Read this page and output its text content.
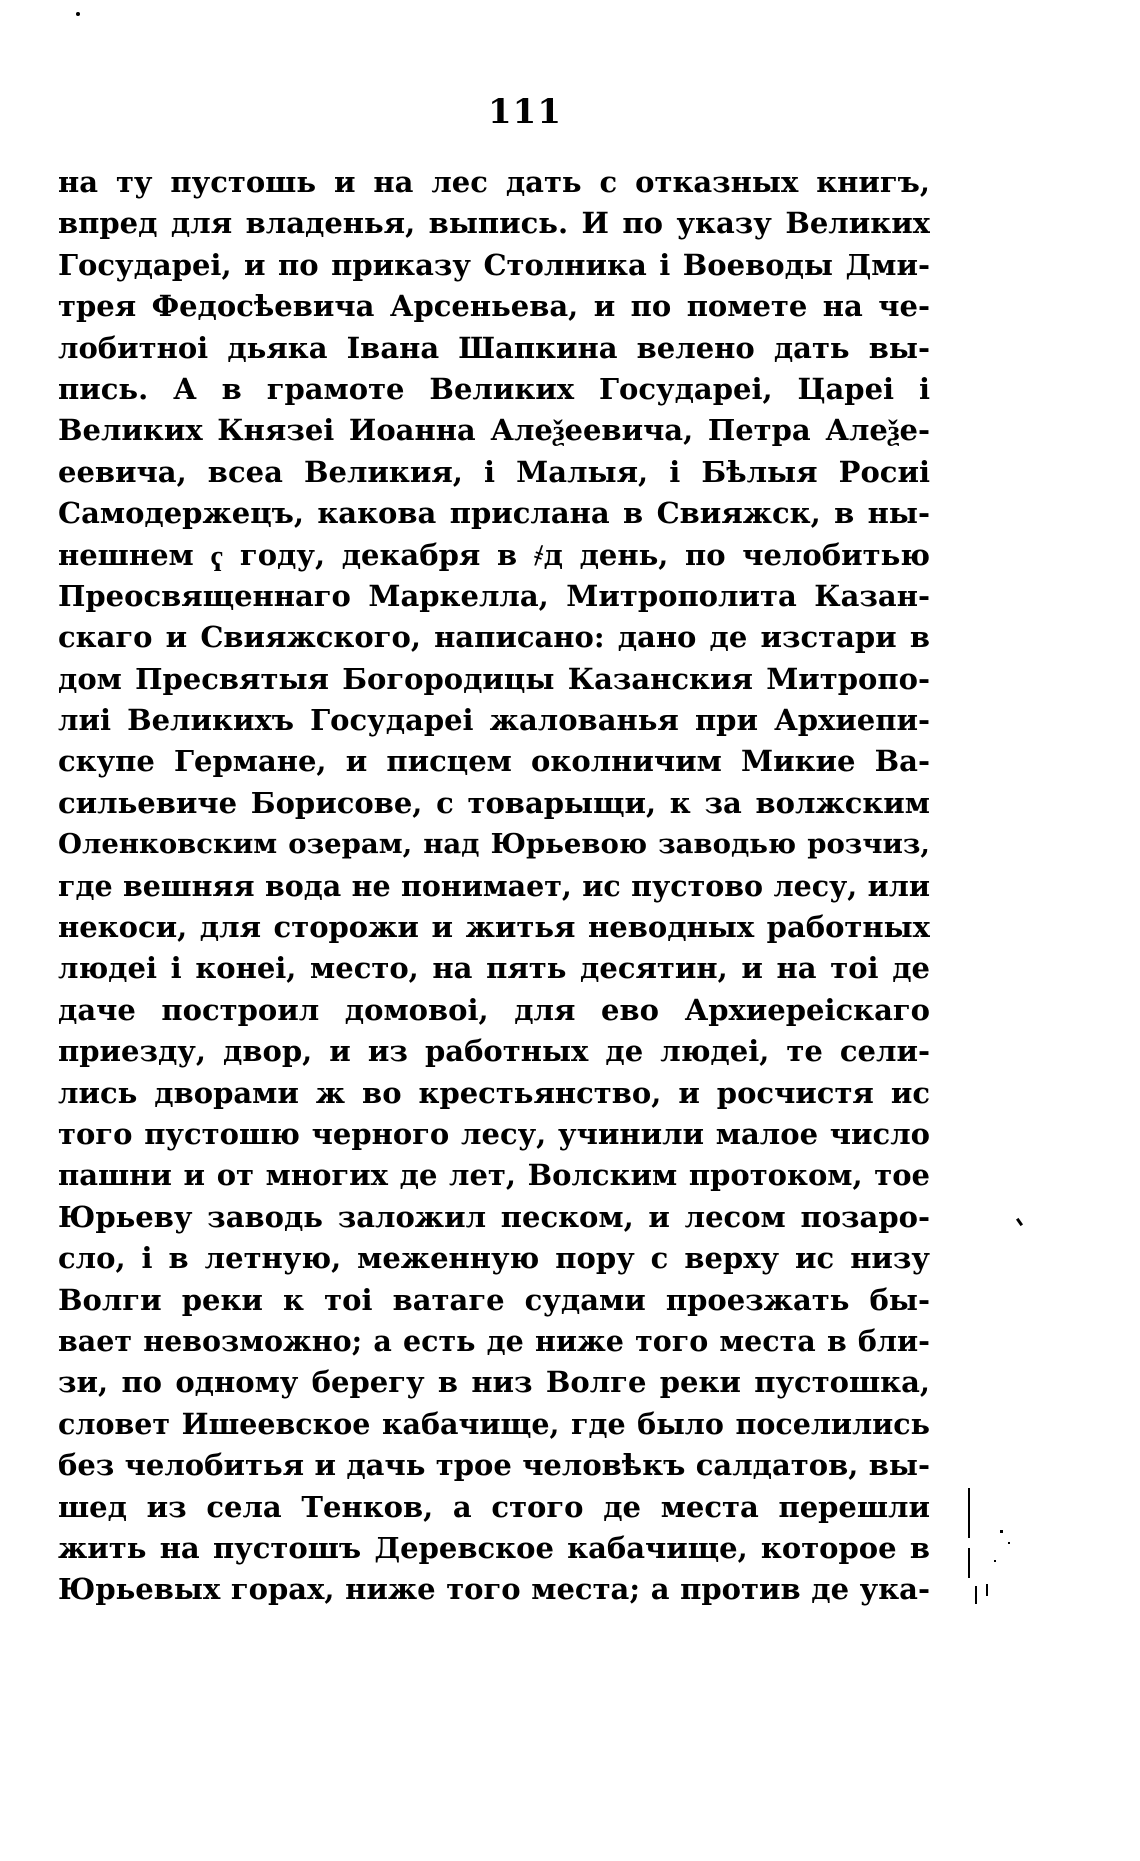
111
на ту пустошь и на лес дать с отказных книгъ,
впред для владенья, выпись. И по указу Великих
Государеі, и по приказу Столника і Воеводы Дми-
трея Федосѣевича Арсеньева, и по помете на че-
лобитноі дьяка Івана Шапкина велено дать вы-
пись. А в грамоте Великих Государеі, Цареі і
Великих Князеі Иоанна Алеѯеевича, Петра Алеѯе-
еевича, всеа Великия, і Малыя, і Бѣлыя Росиі
Самодержецъ, какова прислана в Свияжск, в ны-
нешнем ҁ году, декабря в ҂д день, по челобитью
Преосвященнаго Маркелла, Митрополита Казан-
скаго и Свияжского, написано: дано де изстари в
дом Пресвятыя Богородицы Казанския Митропо-
лиі Великихъ Государеі жалованья при Архиепи-
скупе Германе, и писцем околничим Микие Ва-
сильевиче Борисове, с товарыщи, к за волжским
Оленковским озерам, над Юрьевою заводью розчиз,
где вешняя вода не понимает, ис пустово лесу, или
некоси, для сторожи и житья неводных работных
людеі і конеі, место, на пять десятин, и на тоі де
даче построил домовоі, для ево Архиереіскаго
приезду, двор, и из работных де людеі, те сели-
лись дворами ж во крестьянство, и росчистя ис
того пустошю черного лесу, учинили малое число
пашни и от многих де лет, Волским протоком, тое
Юрьеву заводь заложил песком, и лесом позаро-
сло, і в летную, меженную пору с верху ис низу
Волги реки к тоі ватаге судами проезжать бы-
вает невозможно; а есть де ниже того места в бли-
зи, по одному берегу в низ Волге реки пустошка,
словет Ишеевское кабачище, где было поселились
без челобитья и дачь трое человѣкъ салдатов, вы-
шед из села Тенков, а стого де места перешли
жить на пустошъ Деревское кабачище, которое в
Юрьевых горах, ниже того места; а против де ука-
